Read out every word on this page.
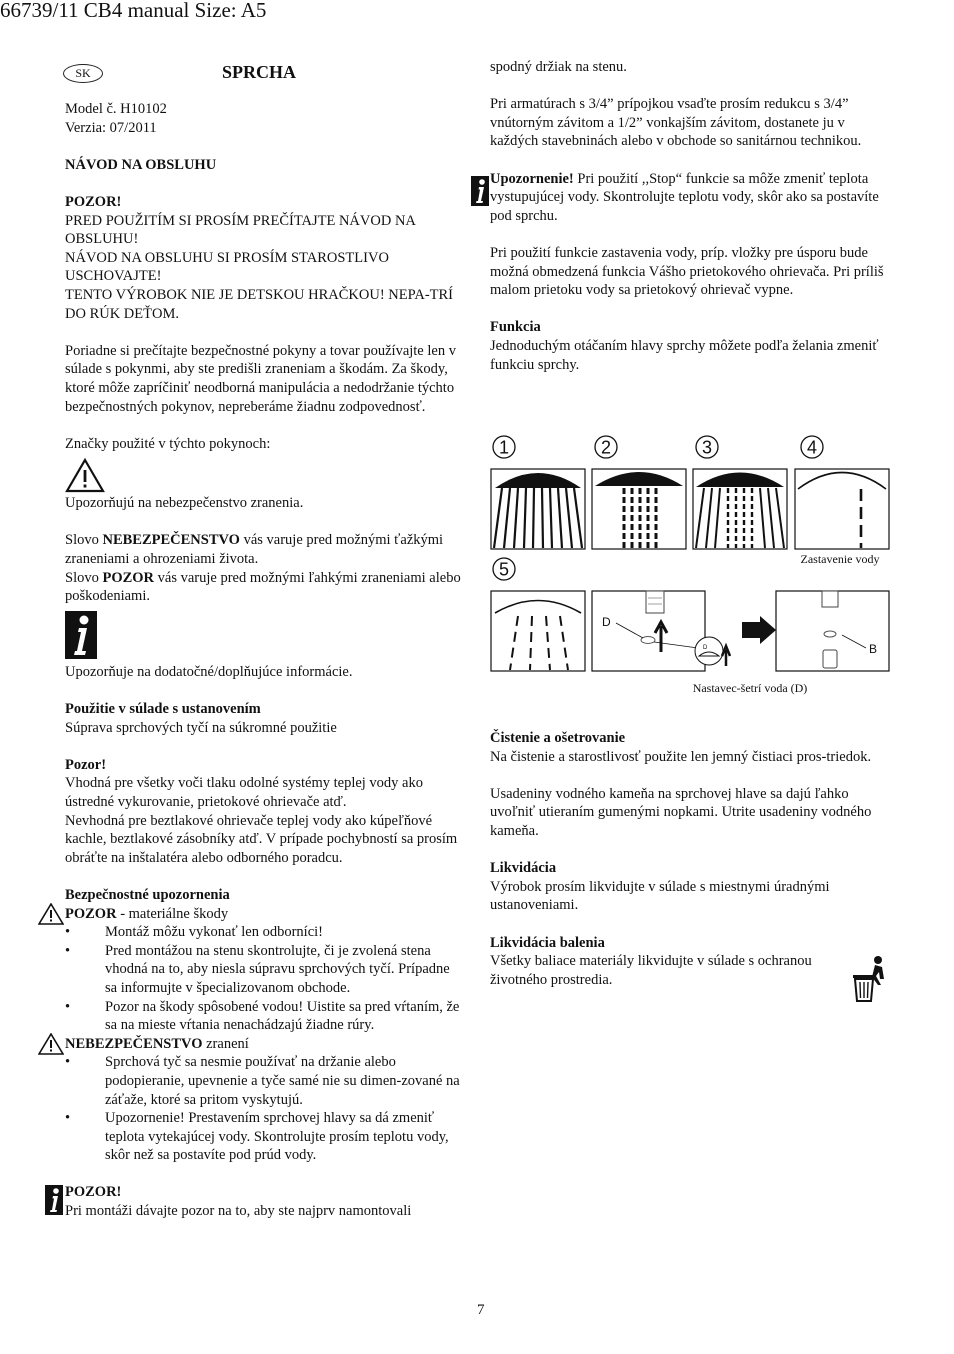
66739/11 CB4 manual Size: A5
SK	SPRCHA

Model č. H10102

Verzia: 07/2011

NÁVOD NA OBSLUHU

POZOR!

PRED POUŽITÍM SI PROSÍM PREČÍTAJTE NÁVOD NA OBSLUHU!

NÁVOD NA OBSLUHU SI PROSÍM STAROSTLIVO USCHOVAJTE!

TENTO VÝROBOK NIE JE DETSKOU HRAČKOU! NEPA-TRÍ DO RÚK DEŤOM.

Poriadne si prečítajte bezpečnostné pokyny a tovar používajte len v súlade s pokynmi, aby ste predišli zraneniam a škodám. Za škody, ktoré môže zapríčiniť neodborná manipulácia a nedodržanie týchto bezpečnostných pokynov, nepreberáme žiadnu zodpovednosť.

Značky použité v týchto pokynoch:

Upozorňujú na nebezpečenstvo zranenia.

Slovo NEBEZPEČENSTVO vás varuje pred možnými ťažkými zraneniami a ohrozeniami života.

Slovo POZOR vás varuje pred možnými ľahkými zraneniami alebo poškodeniami.

Upozorňuje na dodatočné/doplňujúce informácie.

Použitie v súlade s ustanovením

Súprava sprchových tyčí na súkromné použitie

Pozor!

Vhodná pre všetky voči tlaku odolné systémy teplej vody ako ústredné vykurovanie, prietokové ohrievače atď.

Nevhodná pre beztlakové ohrievače teplej vody ako kúpeľňové kachle, beztlakové zásobníky atď. V prípade pochybností sa prosím obráťte na inštalatéra alebo odborného poradcu.

Bezpečnostné upozornenia

POZOR - materiálne škody

• Montáž môžu vykonať len odborníci!
• Pred montážou na stenu skontrolujte, či je zvolená stena vhodná na to, aby niesla súpravu sprchových tyčí. Prípadne sa informujte v špecializovanom obchode.
• Pozor na škody spôsobené vodou! Uistite sa pred vŕtaním, že sa na mieste vŕtania nenachádzajú žiadne rúry.

NEBEZPEČENSTVO zranení

• Sprchová tyč sa nesmie používať na držanie alebo podopieranie, upevnenie a tyče samé nie su dimen-zované na záťaže, ktoré sa pritom vyskytujú.
• Upozornenie! Prestavením sprchovej hlavy sa dá zmeniť teplota vytekajúcej vody. Skontrolujte prosím teplotu vody, skôr než sa postavíte pod prúd vody.

POZOR!

Pri montáži dávajte pozor na to, aby ste najprv namontovali

spodný držiak na stenu.

Pri armatúrach s 3/4” prípojkou vsaďte prosím redukcu s 3/4” vnútorným závitom a 1/2” vonkajším závitom, dostanete ju v každých stavebninách alebo v obchode so sanitárnou technikou.

Upozornenie! Pri použití ,,Stop“ funkcie sa môže zmeniť teplota vystupujúcej vody. Skontrolujte teplotu vody, skôr ako sa postavíte pod sprchu.

Pri použití funkcie zastavenia vody, príp. vložky pre úsporu bude možná obmedzená funkcia Vášho prietokového ohrievača. Pri príliš malom prietoku vody sa prietokový ohrievač vypne.

Funkcia

Jednoduchým otáčaním hlavy sprchy môžete podľa želania zmeniť funkciu sprchy.

1	2	3	4
5
Zastavenie vody
D
D	B
Nastavec-šetrí voda (D)

Čistenie a ošetrovanie

Na čistenie a starostlivosť použite len jemný čistiaci pros-triedok.

Usadeniny vodného kameňa na sprchovej hlave sa dajú ľahko uvoľniť utieraním gumenými nopkami. Utrite usadeniny vodného kameňa.

Likvidácia

Výrobok prosím likvidujte v súlade s miestnymi úradnými ustanoveniami.

Likvidácia balenia

Všetky baliace materiály likvidujte v súlade s ochranou životného prostredia.

7
